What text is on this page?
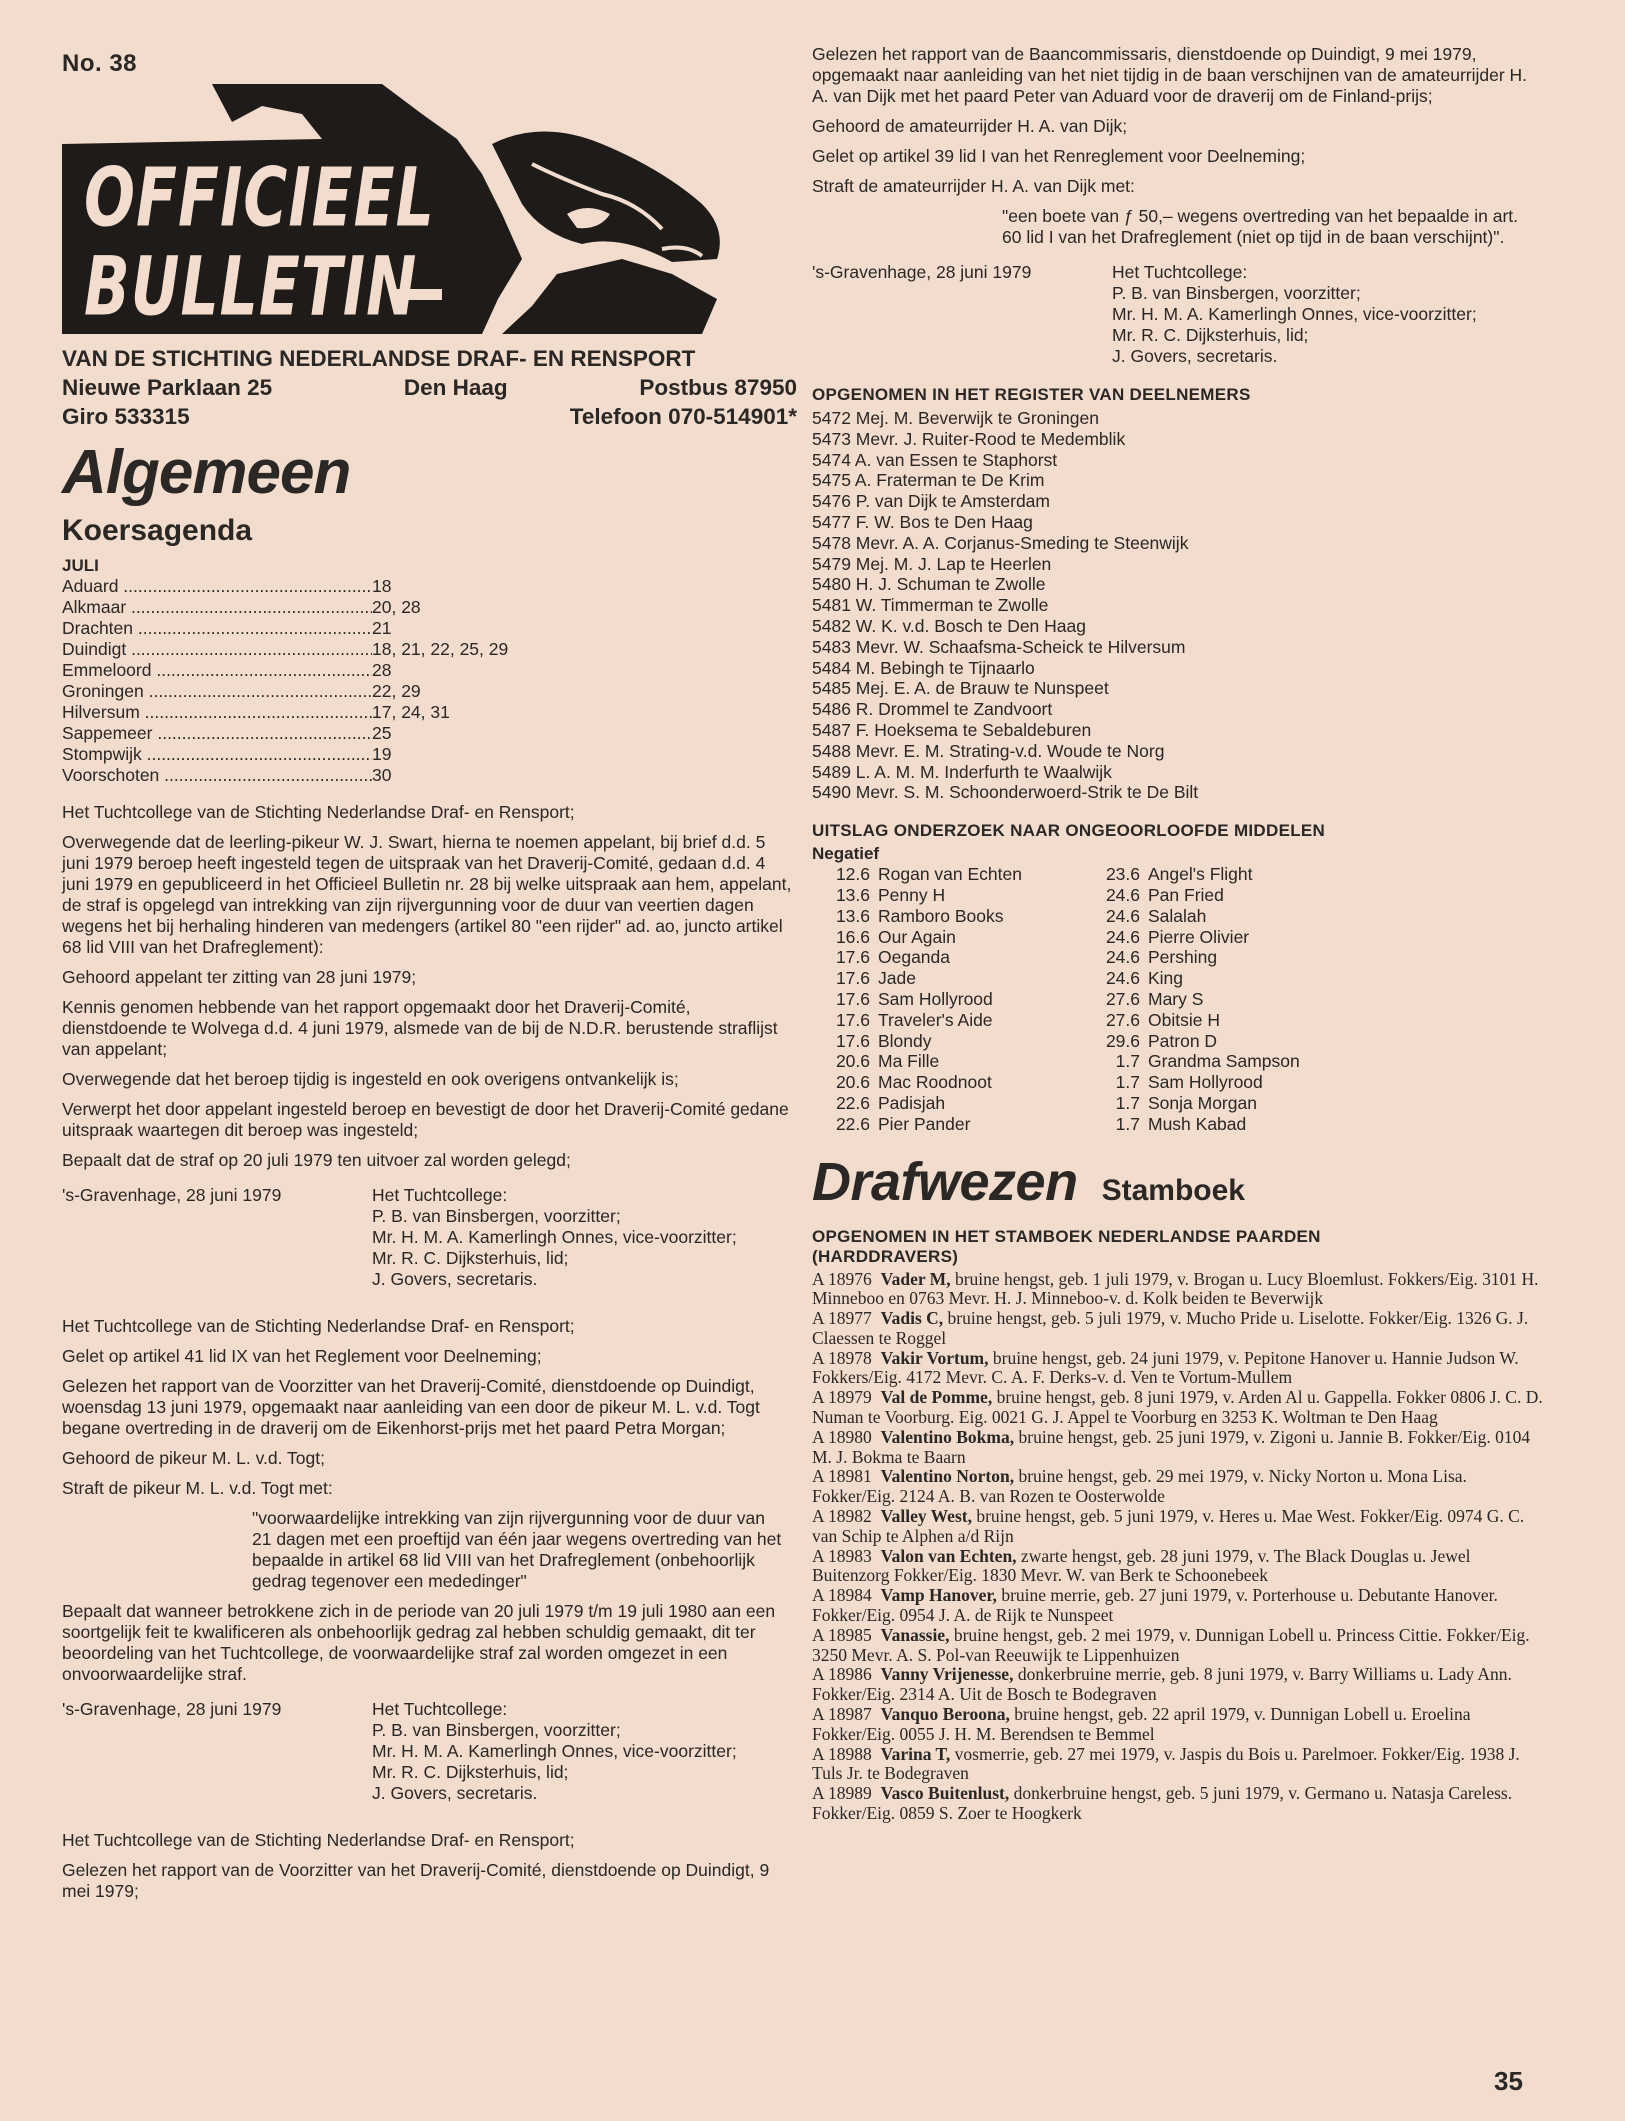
No. 38
OFFICIEEL
BULLETIN
VAN DE STICHTING NEDERLANDSE DRAF- EN RENSPORT
Nieuwe Parklaan 25	Den Haag	Postbus 87950
Giro 533315	Telefoon 070-514901*
Algemeen
Koersagenda
JULI
Aduard .....	18
Alkmaar .....	20, 28
Drachten .....	21
Duindigt .....	18, 21, 22, 25, 29
Emmeloord .....	28
Groningen .....	22, 29
Hilversum .....	17, 24, 31
Sappemeer .....	25
Stompwijk .....	19
Voorschoten .....	30

Het Tuchtcollege van de Stichting Nederlandse Draf- en Rensport;

Overwegende dat de leerling-pikeur W. J. Swart, hierna te noemen appelant, bij brief d.d. 5 juni 1979 beroep heeft ingesteld tegen de uitspraak van het Draverij-Comité, gedaan d.d. 4 juni 1979 en gepubliceerd in het Officieel Bulletin nr. 28 bij welke uitspraak aan hem, appelant, de straf is opgelegd van intrekking van zijn rijvergunning voor de duur van veertien dagen wegens het bij herhaling hinderen van medengers (artikel 80 "een rijder" ad. ao, juncto artikel 68 lid VIII van het Drafreglement):

Gehoord appelant ter zitting van 28 juni 1979;

Kennis genomen hebbende van het rapport opgemaakt door het Draverij-Comité, dienstdoende te Wolvega d.d. 4 juni 1979, alsmede van de bij de N.D.R. berustende straflijst van appelant;

Overwegende dat het beroep tijdig is ingesteld en ook overigens ontvankelijk is;

Verwerpt het door appelant ingesteld beroep en bevestigt de door het Draverij-Comité gedane uitspraak waartegen dit beroep was ingesteld;

Bepaalt dat de straf op 20 juli 1979 ten uitvoer zal worden gelegd;

's-Gravenhage, 28 juni 1979	Het Tuchtcollege:
P. B. van Binsbergen, voorzitter;
Mr. H. M. A. Kamerlingh Onnes, vice-voorzitter;
Mr. R. C. Dijksterhuis, lid;
J. Govers, secretaris.

Het Tuchtcollege van de Stichting Nederlandse Draf- en Rensport;

Gelet op artikel 41 lid IX van het Reglement voor Deelneming;

Gelezen het rapport van de Voorzitter van het Draverij-Comité, dienstdoende op Duindigt, woensdag 13 juni 1979, opgemaakt naar aanleiding van een door de pikeur M. L. v.d. Togt begane overtreding in de draverij om de Eikenhorst-prijs met het paard Petra Morgan;

Gehoord de pikeur M. L. v.d. Togt;

Straft de pikeur M. L. v.d. Togt met:

"voorwaardelijke intrekking van zijn rijvergunning voor de duur van 21 dagen met een proeftijd van één jaar wegens overtreding van het bepaalde in artikel 68 lid VIII van het Drafreglement (onbehoorlijk gedrag tegenover een mededinger"

Bepaalt dat wanneer betrokkene zich in de periode van 20 juli 1979 t/m 19 juli 1980 aan een soortgelijk feit te kwalificeren als onbehoorlijk gedrag zal hebben schuldig gemaakt, dit ter beoordeling van het Tuchtcollege, de voorwaardelijke straf zal worden omgezet in een onvoorwaardelijke straf.

's-Gravenhage, 28 juni 1979	Het Tuchtcollege:
P. B. van Binsbergen, voorzitter;
Mr. H. M. A. Kamerlingh Onnes, vice-voorzitter;
Mr. R. C. Dijksterhuis, lid;
J. Govers, secretaris.

Het Tuchtcollege van de Stichting Nederlandse Draf- en Rensport;

Gelezen het rapport van de Voorzitter van het Draverij-Comité, dienstdoende op Duindigt, 9 mei 1979;

Gelezen het rapport van de Baancommissaris, dienstdoende op Duindigt, 9 mei 1979, opgemaakt naar aanleiding van het niet tijdig in de baan verschijnen van de amateurrijder H. A. van Dijk met het paard Peter van Aduard voor de draverij om de Finland-prijs;

Gehoord de amateurrijder H. A. van Dijk;

Gelet op artikel 39 lid I van het Renreglement voor Deelneming;

Straft de amateurrijder H. A. van Dijk met:

"een boete van ƒ 50,– wegens overtreding van het bepaalde in art. 60 lid I van het Drafreglement (niet op tijd in de baan verschijnt)".

's-Gravenhage, 28 juni 1979	Het Tuchtcollege:
P. B. van Binsbergen, voorzitter;
Mr. H. M. A. Kamerlingh Onnes, vice-voorzitter;
Mr. R. C. Dijksterhuis, lid;
J. Govers, secretaris.
OPGENOMEN IN HET REGISTER VAN DEELNEMERS
5472 Mej. M. Beverwijk te Groningen
5473 Mevr. J. Ruiter-Rood te Medemblik
5474 A. van Essen te Staphorst
5475 A. Fraterman te De Krim
5476 P. van Dijk te Amsterdam
5477 F. W. Bos te Den Haag
5478 Mevr. A. A. Corjanus-Smeding te Steenwijk
5479 Mej. M. J. Lap te Heerlen
5480 H. J. Schuman te Zwolle
5481 W. Timmerman te Zwolle
5482 W. K. v.d. Bosch te Den Haag
5483 Mevr. W. Schaafsma-Scheick te Hilversum
5484 M. Bebingh te Tijnaarlo
5485 Mej. E. A. de Brauw te Nunspeet
5486 R. Drommel te Zandvoort
5487 F. Hoeksema te Sebaldeburen
5488 Mevr. E. M. Strating-v.d. Woude te Norg
5489 L. A. M. M. Inderfurth te Waalwijk
5490 Mevr. S. M. Schoonderwoerd-Strik te De Bilt
UITSLAG ONDERZOEK NAAR ONGEOORLOOFDE MIDDELEN
Negatief
12.6 Rogan van Echten
13.6 Penny H
13.6 Ramboro Books
16.6 Our Again
17.6 Oeganda
17.6 Jade
17.6 Sam Hollyrood
17.6 Traveler's Aide
17.6 Blondy
20.6 Ma Fille
20.6 Mac Roodnoot
22.6 Padisjah
22.6 Pier Pander
23.6 Angel's Flight
24.6 Pan Fried
24.6 Salalah
24.6 Pierre Olivier
24.6 Pershing
24.6 King
27.6 Mary S
27.6 Obitsie H
29.6 Patron D
1.7 Grandma Sampson
1.7 Sam Hollyrood
1.7 Sonja Morgan
1.7 Mush Kabad
Drafwezen Stamboek
OPGENOMEN IN HET STAMBOEK NEDERLANDSE PAARDEN
(HARDDRAVERS)
A 18976 Vader M, bruine hengst, geb. 1 juli 1979, v. Brogan u. Lucy Bloemlust. Fokkers/Eig. 3101 H. Minneboo en 0763 Mevr. H. J. Minneboo-v. d. Kolk beiden te Beverwijk
A 18977 Vadis C, bruine hengst, geb. 5 juli 1979, v. Mucho Pride u. Liselotte. Fokker/Eig. 1326 G. J. Claessen te Roggel
A 18978 Vakir Vortum, bruine hengst, geb. 24 juni 1979, v. Pepitone Hanover u. Hannie Judson W. Fokkers/Eig. 4172 Mevr. C. A. F. Derks-v. d. Ven te Vortum-Mullem
A 18979 Val de Pomme, bruine hengst, geb. 8 juni 1979, v. Arden Al u. Gappella. Fokker 0806 J. C. D. Numan te Voorburg. Eig. 0021 G. J. Appel te Voorburg en 3253 K. Woltman te Den Haag
A 18980 Valentino Bokma, bruine hengst, geb. 25 juni 1979, v. Zigoni u. Jannie B. Fokker/Eig. 0104 M. J. Bokma te Baarn
A 18981 Valentino Norton, bruine hengst, geb. 29 mei 1979, v. Nicky Norton u. Mona Lisa. Fokker/Eig. 2124 A. B. van Rozen te Oosterwolde
A 18982 Valley West, bruine hengst, geb. 5 juni 1979, v. Heres u. Mae West. Fokker/Eig. 0974 G. C. van Schip te Alphen a/d Rijn
A 18983 Valon van Echten, zwarte hengst, geb. 28 juni 1979, v. The Black Douglas u. Jewel Buitenzorg Fokker/Eig. 1830 Mevr. W. van Berk te Schoonebeek
A 18984 Vamp Hanover, bruine merrie, geb. 27 juni 1979, v. Porterhouse u. Debutante Hanover. Fokker/Eig. 0954 J. A. de Rijk te Nunspeet
A 18985 Vanassie, bruine hengst, geb. 2 mei 1979, v. Dunnigan Lobell u. Princess Cittie. Fokker/Eig. 3250 Mevr. A. S. Pol-van Reeuwijk te Lippenhuizen
A 18986 Vanny Vrijenesse, donkerbruine merrie, geb. 8 juni 1979, v. Barry Williams u. Lady Ann. Fokker/Eig. 2314 A. Uit de Bosch te Bodegraven
A 18987 Vanquo Beroona, bruine hengst, geb. 22 april 1979, v. Dunnigan Lobell u. Eroelina Fokker/Eig. 0055 J. H. M. Berendsen te Bemmel
A 18988 Varina T, vosmerrie, geb. 27 mei 1979, v. Jaspis du Bois u. Parelmoer. Fokker/Eig. 1938 J. Tuls Jr. te Bodegraven
A 18989 Vasco Buitenlust, donkerbruine hengst, geb. 5 juni 1979, v. Germano u. Natasja Careless. Fokker/Eig. 0859 S. Zoer te Hoogkerk
35
